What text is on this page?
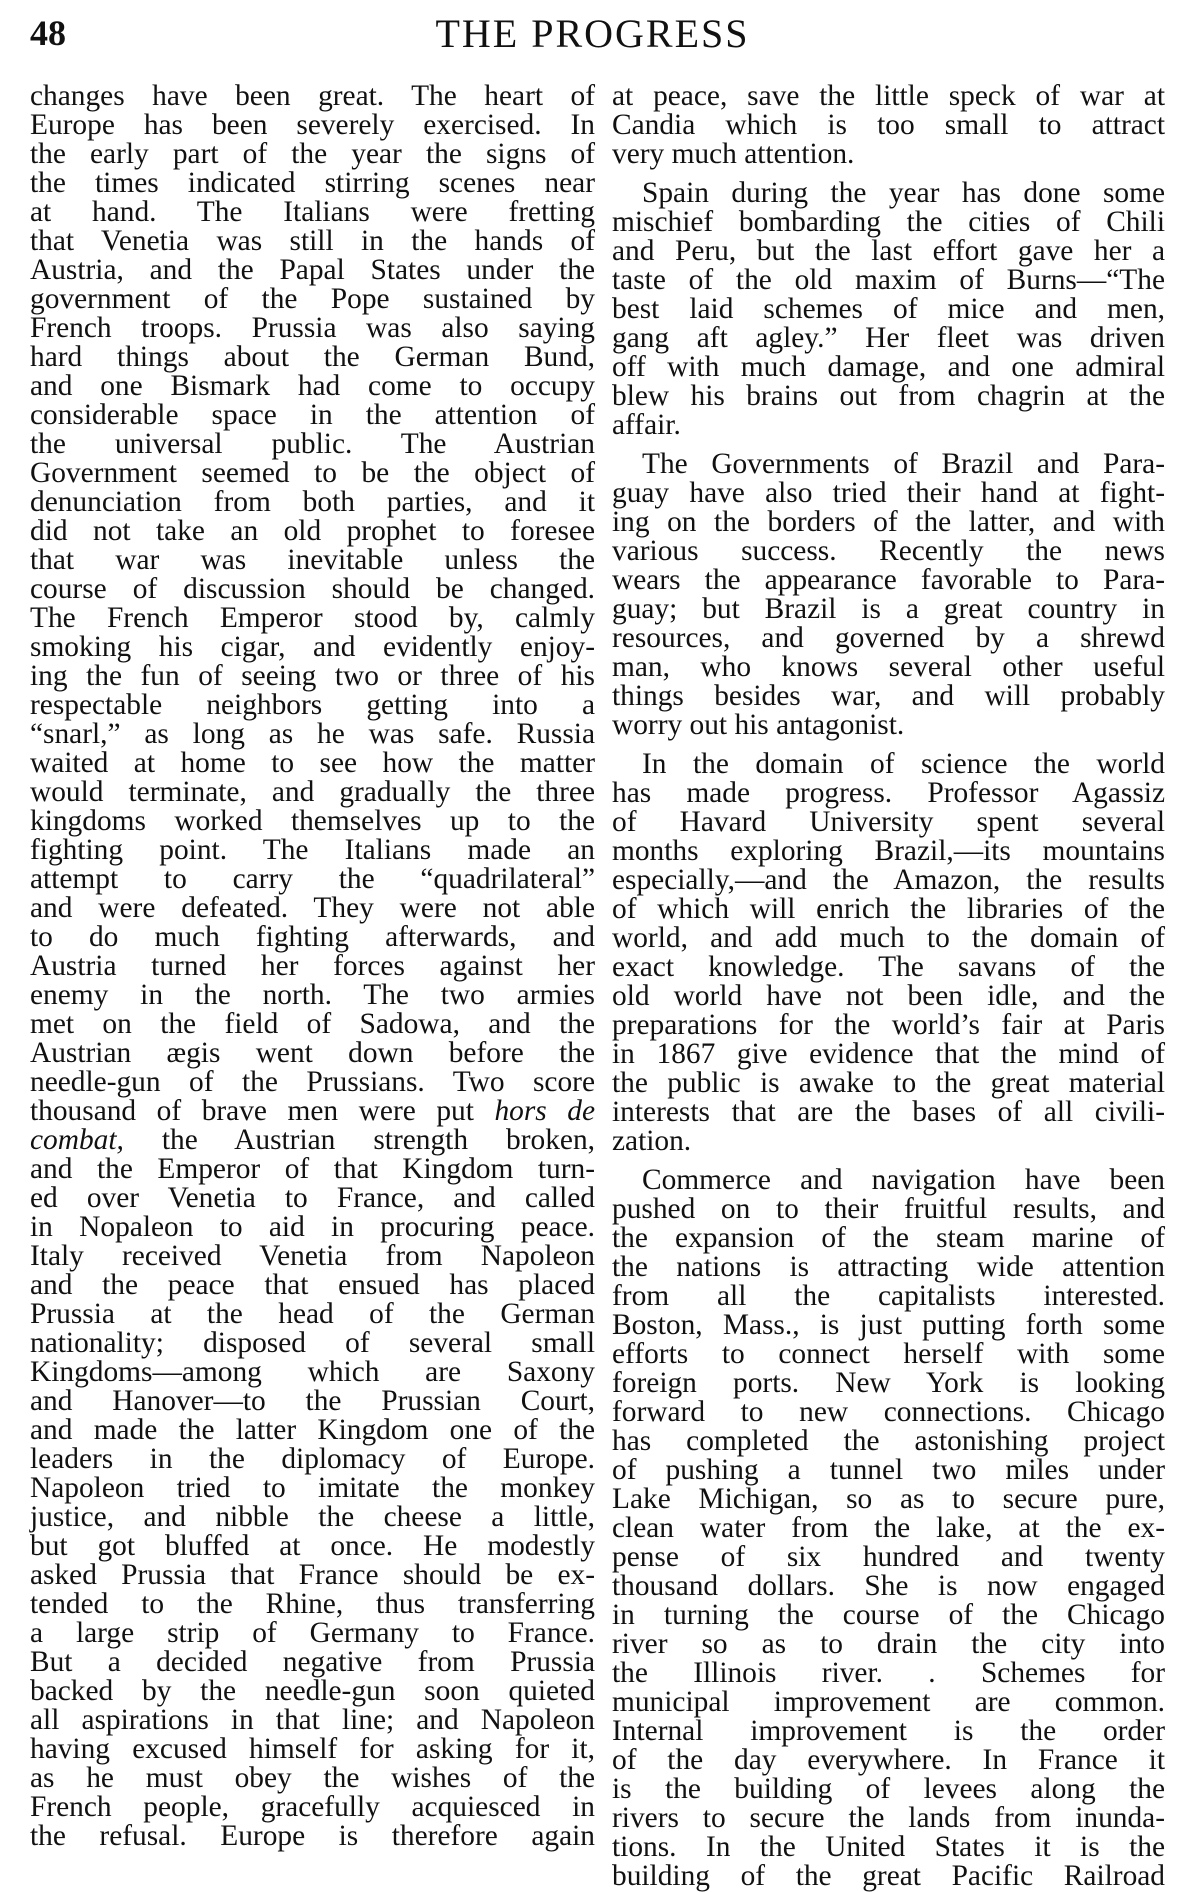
48	THE PROGRESS
changes have been great. The heart of
Europe has been severely exercised. In
the early part of the year the signs of
the times indicated stirring scenes near
at hand. The Italians were fretting
that Venetia was still in the hands of
Austria, and the Papal States under the
government of the Pope sustained by
French troops. Prussia was also saying
hard things about the German Bund,
and one Bismark had come to occupy
considerable space in the attention of
the universal public. The Austrian
Government seemed to be the object of
denunciation from both parties, and it
did not take an old prophet to foresee
that war was inevitable unless the
course of discussion should be changed.
The French Emperor stood by, calmly
smoking his cigar, and evidently enjoy-
ing the fun of seeing two or three of his
respectable neighbors getting into a
“snarl,” as long as he was safe. Russia
waited at home to see how the matter
would terminate, and gradually the three
kingdoms worked themselves up to the
fighting point. The Italians made an
attempt to carry the “quadrilateral”
and were defeated. They were not able
to do much fighting afterwards, and
Austria turned her forces against her
enemy in the north. The two armies
met on the field of Sadowa, and the
Austrian ægis went down before the
needle-gun of the Prussians. Two score
thousand of brave men were put hors de
combat, the Austrian strength broken,
and the Emperor of that Kingdom turn-
ed over Venetia to France, and called
in Nopaleon to aid in procuring peace.
Italy received Venetia from Napoleon
and the peace that ensued has placed
Prussia at the head of the German
nationality; disposed of several small
Kingdoms—among which are Saxony
and Hanover—to the Prussian Court,
and made the latter Kingdom one of the
leaders in the diplomacy of Europe.
Napoleon tried to imitate the monkey
justice, and nibble the cheese a little,
but got bluffed at once. He modestly
asked Prussia that France should be ex-
tended to the Rhine, thus transferring
a large strip of Germany to France.
But a decided negative from Prussia
backed by the needle-gun soon quieted
all aspirations in that line; and Napoleon
having excused himself for asking for it,
as he must obey the wishes of the
French people, gracefully acquiesced in
the refusal. Europe is therefore again
at peace, save the little speck of war at
Candia which is too small to attract
very much attention.
Spain during the year has done some
mischief bombarding the cities of Chili
and Peru, but the last effort gave her a
taste of the old maxim of Burns—“The
best laid schemes of mice and men,
gang aft agley.” Her fleet was driven
off with much damage, and one admiral
blew his brains out from chagrin at the
affair.
The Governments of Brazil and Para-
guay have also tried their hand at fight-
ing on the borders of the latter, and with
various success. Recently the news
wears the appearance favorable to Para-
guay; but Brazil is a great country in
resources, and governed by a shrewd
man, who knows several other useful
things besides war, and will probably
worry out his antagonist.
In the domain of science the world
has made progress. Professor Agassiz
of Havard University spent several
months exploring Brazil,—its mountains
especially,—and the Amazon, the results
of which will enrich the libraries of the
world, and add much to the domain of
exact knowledge. The savans of the
old world have not been idle, and the
preparations for the world’s fair at Paris
in 1867 give evidence that the mind of
the public is awake to the great material
interests that are the bases of all civili-
zation.
Commerce and navigation have been
pushed on to their fruitful results, and
the expansion of the steam marine of
the nations is attracting wide attention
from all the capitalists interested.
Boston, Mass., is just putting forth some
efforts to connect herself with some
foreign ports. New York is looking
forward to new connections. Chicago
has completed the astonishing project
of pushing a tunnel two miles under
Lake Michigan, so as to secure pure,
clean water from the lake, at the ex-
pense of six hundred and twenty
thousand dollars. She is now engaged
in turning the course of the Chicago
river so as to drain the city into
the Illinois river. . Schemes for
municipal improvement are common.
Internal improvement is the order
of the day everywhere. In France it
is the building of levees along the
rivers to secure the lands from inunda-
tions. In the United States it is the
building of the great Pacific Railroad
